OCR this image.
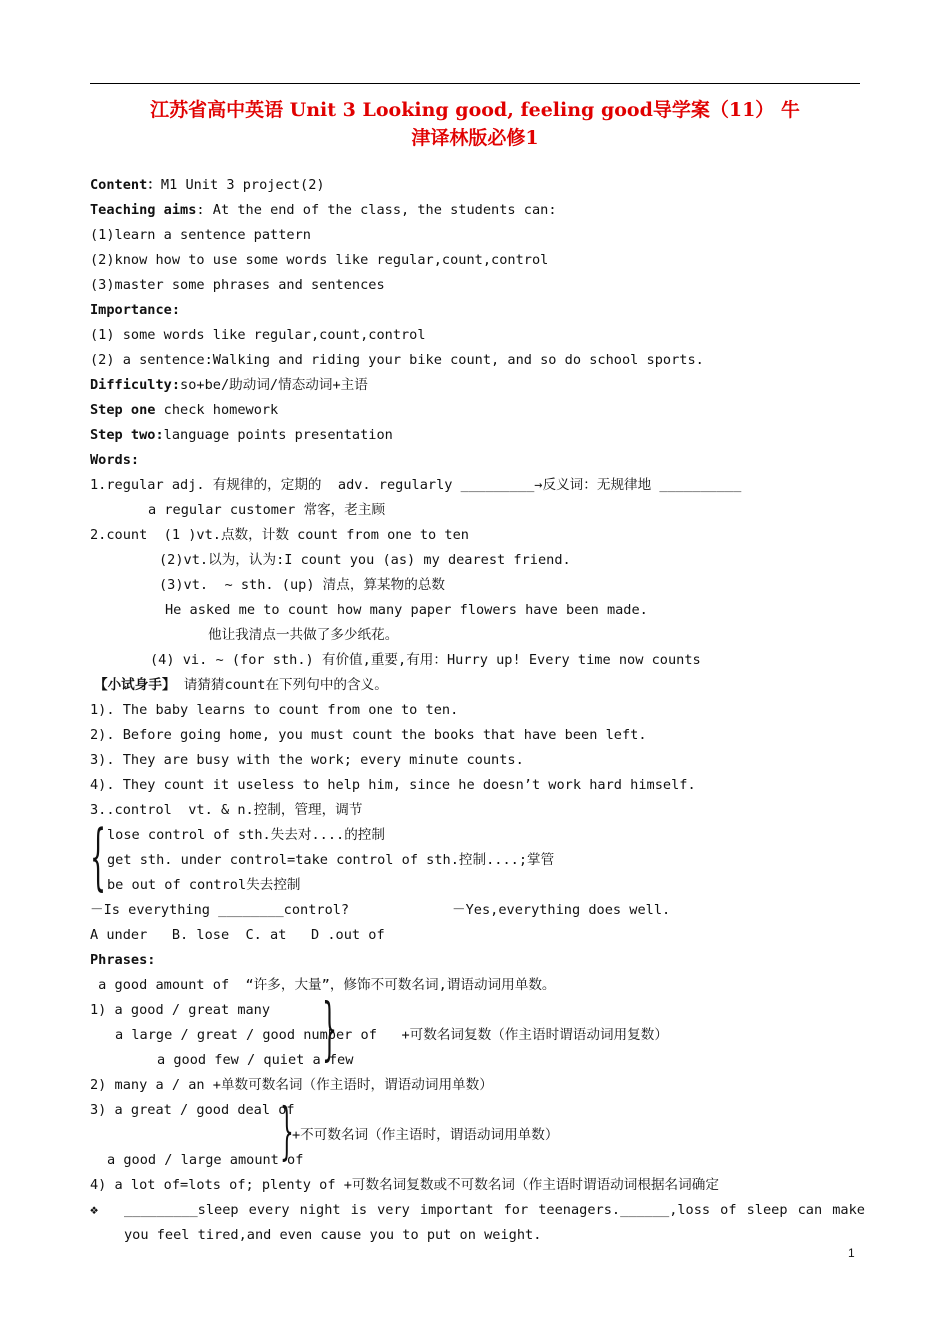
江苏省高中英语 Unit 3 Looking good, feeling good导学案（11） 牛
津译林版必修1
Content：M1 Unit 3 project(2)
Teaching aims: At the end of the class, the students can:
(1)learn a sentence pattern
(2)know how to use some words like regular,count,control
(3)master some phrases and sentences
Importance:
(1) some words like regular,count,control
(2) a sentence:Walking and riding your bike count, and so do school sports.
Difficulty:so+be/助动词/情态动词+主语
Step one check homework
Step two:language points presentation
Words:
1.regular adj. 有规律的，定期的  adv. regularly _________→反义词：无规律地 __________
a regular customer 常客，老主顾
2.count  (1 )vt.点数，计数 count from one to ten
(2)vt.以为，认为:I count you (as) my dearest friend.
(3)vt.  ~ sth. (up) 清点，算某物的总数
He asked me to count how many paper flowers have been made.
他让我清点一共做了多少纸花。
(4) vi. ~ (for sth.) 有价值,重要,有用：Hurry up! Every time now counts
【小试身手】 请猜猜count在下列句中的含义。
1). The baby learns to count from one to ten.
2). Before going home, you must count the books that have been left.
3). They are busy with the work; every minute counts.
4). They count it useless to help him, since he doesn’t work hard himself.
3..control  vt. & n.控制，管理，调节
{ lose control of sth.失去对....的控制
get sth. under control=take control of sth.控制....;掌管
be out of control失去控制
－Is everything ________control?	－Yes,everything does well.
A under   B. lose  C. at   D .out of
Phrases:
a good amount of  “许多，大量”，修饰不可数名词,谓语动词用单数。
1) a good / great many
a large / great / good number of   +可数名词复数（作主语时谓语动词用复数）
a good few / quiet a few
}
2) many a / an +单数可数名词（作主语时，谓语动词用单数）
3) a great / good deal of
+不可数名词（作主语时，谓语动词用单数）
a good / large amount of
}
4) a lot of=lots of; plenty of +可数名词复数或不可数名词（作主语时谓语动词根据名词确定
❖	_________sleep every night is very important for teenagers.______,loss of sleep can make you feel tired,and even cause you to put on weight.
1
